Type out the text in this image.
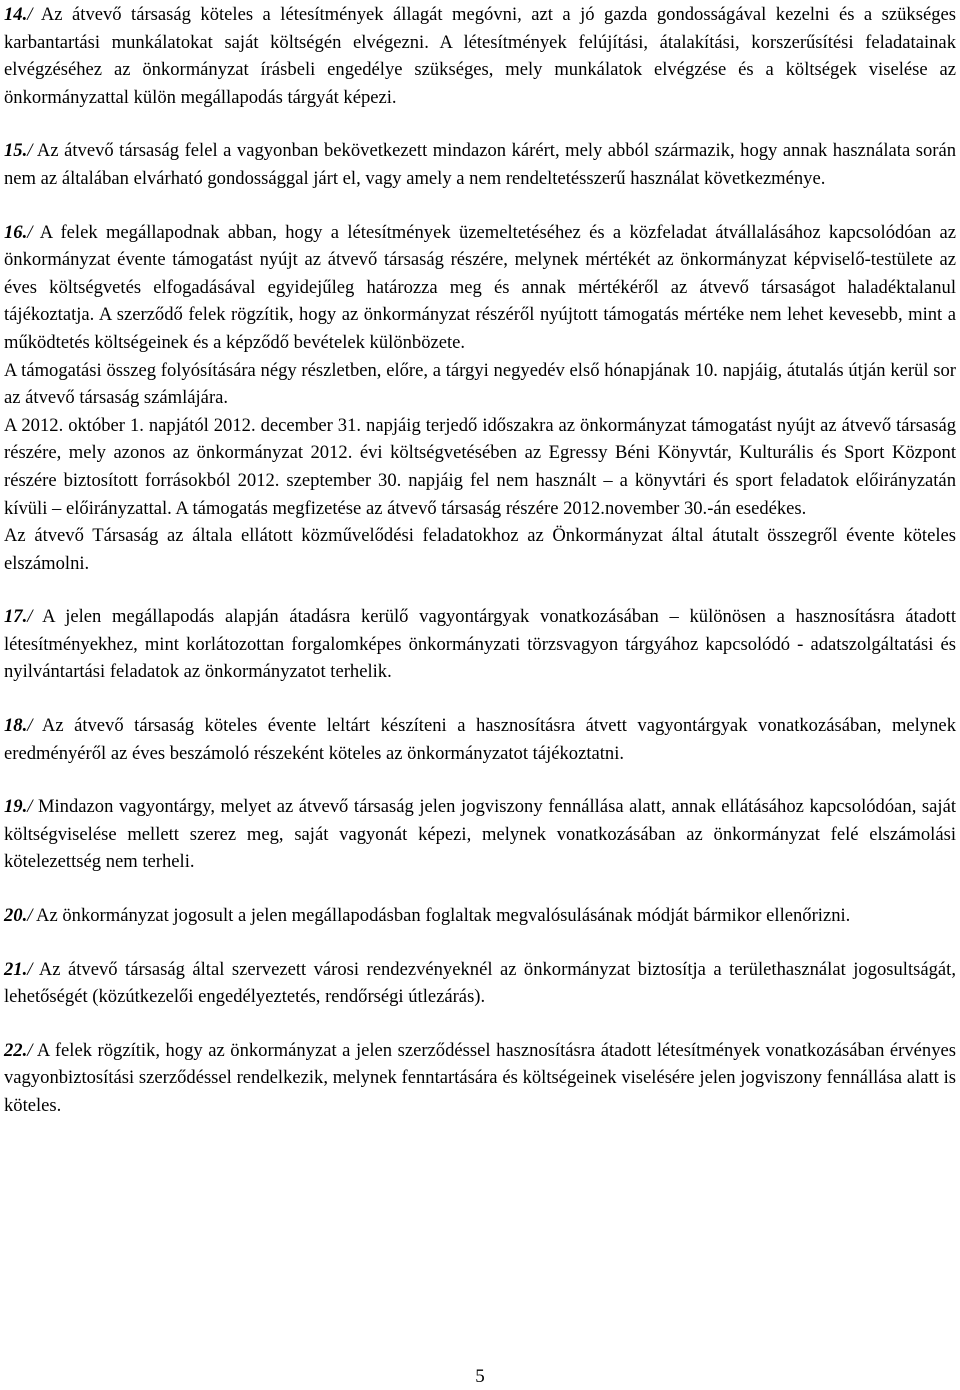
14./ Az átvevő társaság köteles a létesítmények állagát megóvni, azt a jó gazda gondosságával kezelni és a szükséges karbantartási munkálatokat saját költségén elvégezni. A létesítmények felújítási, átalakítási, korszerűsítési feladatainak elvégzéséhez az önkormányzat írásbeli engedélye szükséges, mely munkálatok elvégzése és a költségek viselése az önkormányzattal külön megállapodás tárgyát képezi.

15./ Az átvevő társaság felel a vagyonban bekövetkezett mindazon kárért, mely abból származik, hogy annak használata során nem az általában elvárható gondossággal járt el, vagy amely a nem rendeltetésszerű használat következménye.

16./ A felek megállapodnak abban, hogy a létesítmények üzemeltetéséhez és a közfeladat átvállalásához kapcsolódóan az önkormányzat évente támogatást nyújt az átvevő társaság részére, melynek mértékét az önkormányzat képviselő-testülete az éves költségvetés elfogadásával egyidejűleg határozza meg és annak mértékéről az átvevő társaságot haladéktalanul tájékoztatja. A szerződő felek rögzítik, hogy az önkormányzat részéről nyújtott támogatás mértéke nem lehet kevesebb, mint a működtetés költségeinek és a képződő bevételek különbözete.
A támogatási összeg folyósítására négy részletben, előre, a tárgyi negyedév első hónapjának 10. napjáig, átutalás útján kerül sor az átvevő társaság számlájára.
A 2012. október 1. napjától 2012. december 31. napjáig terjedő időszakra az önkormányzat támogatást nyújt az átvevő társaság részére, mely azonos az önkormányzat 2012. évi költségvetésében az Egressy Béni Könyvtár, Kulturális és Sport Központ részére biztosított forrásokból 2012. szeptember 30. napjáig fel nem használt – a könyvtári és sport feladatok előirányzatán kívüli – előirányzattal. A támogatás megfizetése az átvevő társaság részére 2012.november 30.-án esedékes.
Az átvevő Társaság az általa ellátott közművelődési feladatokhoz az Önkormányzat által átutalt összegről évente köteles elszámolni.

17./ A jelen megállapodás alapján átadásra kerülő vagyontárgyak vonatkozásában – különösen a hasznosításra átadott létesítményekhez, mint korlátozottan forgalomképes önkormányzati törzsvagyon tárgyához kapcsolódó - adatszolgáltatási és nyilvántartási feladatok az önkormányzatot terhelik.

18./ Az átvevő társaság köteles évente leltárt készíteni a hasznosításra átvett vagyontárgyak vonatkozásában, melynek eredményéről az éves beszámoló részeként köteles az önkormányzatot tájékoztatni.

19./ Mindazon vagyontárgy, melyet az átvevő társaság jelen jogviszony fennállása alatt, annak ellátásához kapcsolódóan, saját költségviselése mellett szerez meg, saját vagyonát képezi, melynek vonatkozásában az önkormányzat felé elszámolási kötelezettség nem terheli.

20./ Az önkormányzat jogosult a jelen megállapodásban foglaltak megvalósulásának módját bármikor ellenőrizni.

21./ Az átvevő társaság által szervezett városi rendezvényeknél az önkormányzat biztosítja a területhasználat jogosultságát, lehetőségét (közútkezelői engedélyeztetés, rendőrségi útlezárás).

22./ A felek rögzítik, hogy az önkormányzat a jelen szerződéssel hasznosításra átadott létesítmények vonatkozásában érvényes vagyonbiztosítási szerződéssel rendelkezik, melynek fenntartására és költségeinek viselésére jelen jogviszony fennállása alatt is köteles.

5
